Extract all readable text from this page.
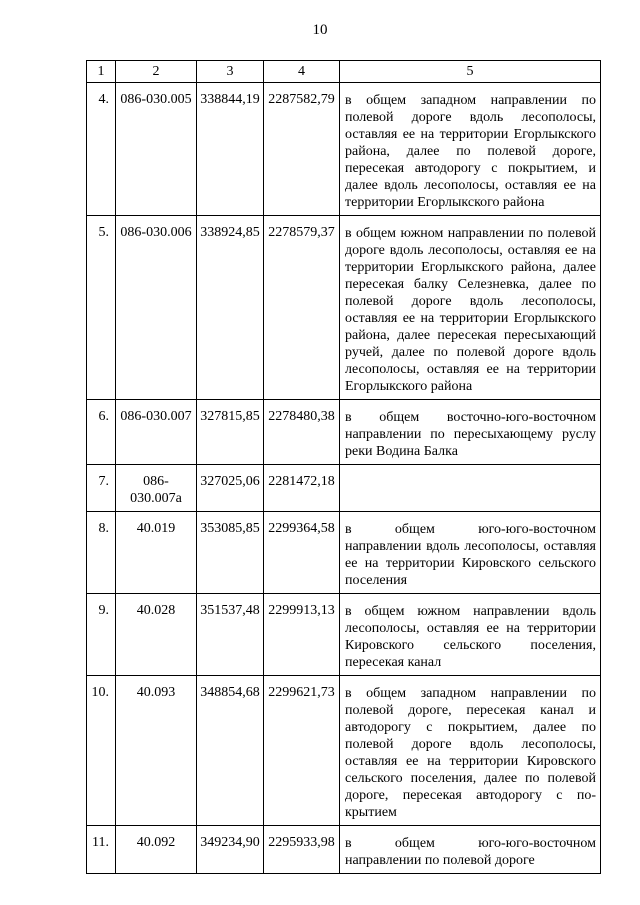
10
1	2	3	4	5
4.	086-030.005	338844,19	2287582,79	в общем западном направлении по полевой дороге вдоль лесополосы, оставляя ее на территории Егорлыкского района, далее по полевой дороге, пересекая автодорогу с покрытием, и далее вдоль лесополосы, оставляя ее на территории Егорлыкского района
5.	086-030.006	338924,85	2278579,37	в общем южном направлении по полевой дороге вдоль лесополосы, оставляя ее на территории Егорлыкского района, далее пересекая балку Селезневка, далее по полевой дороге вдоль лесополосы, оставляя ее на территории Егорлыкского района, далее пересекая пересыхающий ручей, далее по полевой дороге вдоль лесополосы, оставляя ее на территории Егорлыкского района
6.	086-030.007	327815,85	2278480,38	в общем восточно-юго-восточном направлении по пересыхающему руслу реки Водина Балка
7.	086-030.007а	327025,06	2281472,18	
8.	40.019	353085,85	2299364,58	в общем юго-юго-восточном направлении вдоль лесополосы, оставляя ее на территории Кировского сельского поселения
9.	40.028	351537,48	2299913,13	в общем южном направлении вдоль лесополосы, оставляя ее на территории Кировского сельского поселения, пересекая канал
10.	40.093	348854,68	2299621,73	в общем западном направлении по полевой дороге, пересекая канал и автодорогу с покрытием, далее по полевой дороге вдоль лесополосы, оставляя ее на территории Кировского сельского поселения, далее по полевой дороге, пересекая автодорогу с покрытием
11.	40.092	349234,90	2295933,98	в общем юго-юго-восточном направлении по полевой дороге
